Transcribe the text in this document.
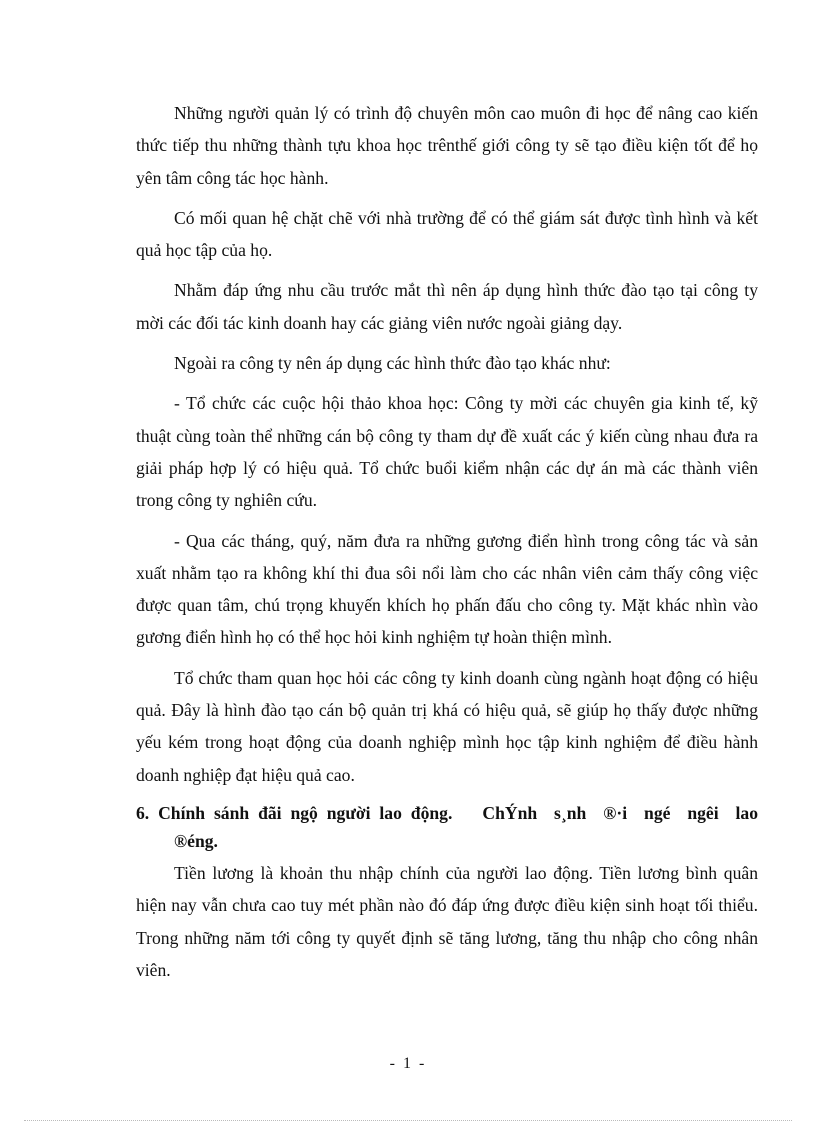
Những người quản lý có trình độ chuyên môn cao muôn đi học để nâng cao kiến thức tiếp thu những thành tựu khoa học trênthế giới công ty sẽ tạo điều kiện tốt để họ yên tâm công tác học hành.

Có mối quan hệ chặt chẽ với nhà trường để có thể giám sát được tình hình và kết quả học tập của họ.

Nhằm đáp ứng nhu cầu trước mắt thì nên áp dụng hình thức đào tạo tại công ty mời các đối tác kinh doanh hay các giảng viên nước ngoài giảng dạy.

Ngoài ra công ty nên áp dụng các hình thức đào tạo khác như:

- Tổ chức các cuộc hội thảo khoa học: Công ty mời các chuyên gia kinh tế, kỹ thuật cùng toàn thể những cán bộ công ty tham dự đề xuất các ý kiến cùng nhau đưa ra giải pháp hợp lý có hiệu quả. Tổ chức buổi kiểm nhận các dự án mà các thành viên trong công ty nghiên cứu.

- Qua các tháng, quý, năm đưa ra những gương điển hình trong công tác và sản xuất nhằm tạo ra không khí thi đua sôi nổi làm cho các nhân viên cảm thấy công việc được quan tâm, chú trọng khuyến khích họ phấn đấu cho công ty. Mặt khác nhìn vào gương điển hình họ có thể học hỏi kinh nghiệm tự hoàn thiện mình.

Tổ chức tham quan học hỏi các công ty kinh doanh cùng ngành hoạt động có hiệu quả. Đây là hình đào tạo cán bộ quản trị khá có hiệu quả, sẽ giúp họ thấy được những yếu kém trong hoạt động của doanh nghiệp mình học tập kinh nghiệm để điều hành doanh nghiệp đạt hiệu quả cao.

6. Chính sánh đãi ngộ người lao động. ChÝnh s¸nh ®·i ngé ngêi lao ®éng.

Tiền lương là khoản thu nhập chính của người lao động. Tiền lương bình quân hiện nay vẫn chưa cao tuy mét phần nào đó đáp ứng được điều kiện sinh hoạt tối thiểu. Trong những năm tới công ty quyết định sẽ tăng lương, tăng thu nhập cho công nhân viên.

- 1 -
